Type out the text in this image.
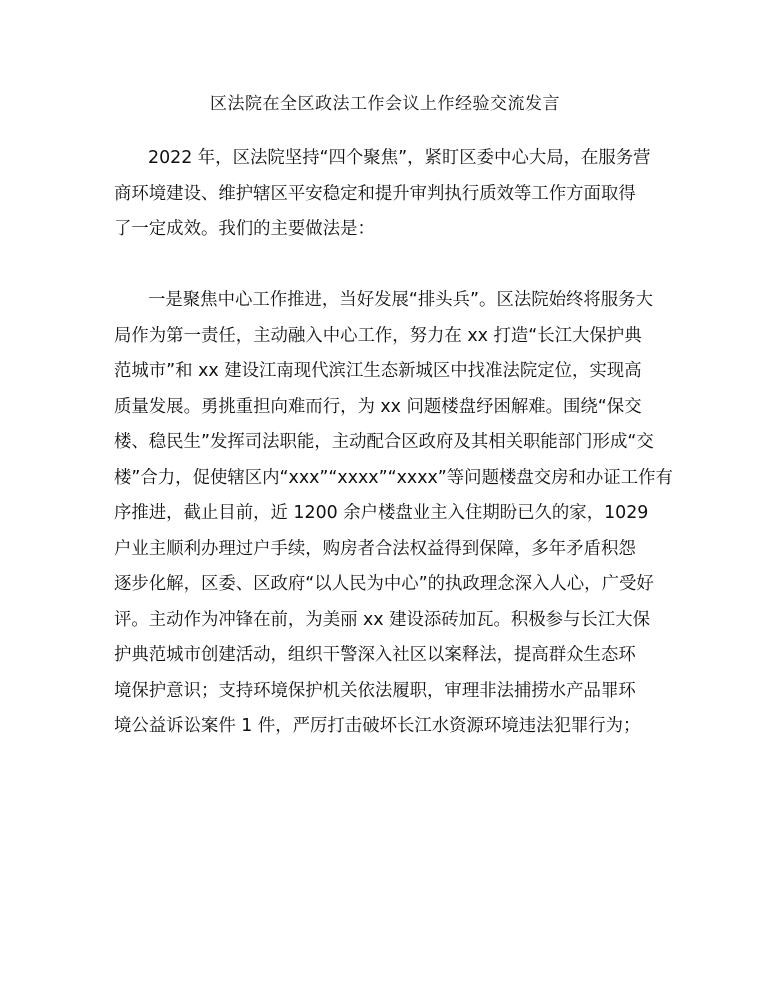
区法院在全区政法工作会议上作经验交流发言
2022 年，区法院坚持“四个聚焦”，紧盯区委中心大局，在服务营
商环境建设、维护辖区平安稳定和提升审判执行质效等工作方面取得
了一定成效。我们的主要做法是：
一是聚焦中心工作推进，当好发展“排头兵”。区法院始终将服务大
局作为第一责任，主动融入中心工作，努力在 xx 打造“长江大保护典
范城市”和 xx 建设江南现代滨江生态新城区中找准法院定位，实现高
质量发展。勇挑重担向难而行，为 xx 问题楼盘纾困解难。围绕“保交
楼、稳民生”发挥司法职能，主动配合区政府及其相关职能部门形成“交
楼”合力，促使辖区内“xxx”“xxxx”“xxxx”等问题楼盘交房和办证工作有
序推进，截止目前，近 1200 余户楼盘业主入住期盼已久的家，1029
户业主顺利办理过户手续，购房者合法权益得到保障，多年矛盾积怨
逐步化解，区委、区政府“以人民为中心”的执政理念深入人心，广受好
评。主动作为冲锋在前，为美丽 xx 建设添砖加瓦。积极参与长江大保
护典范城市创建活动，组织干警深入社区以案释法，提高群众生态环
境保护意识；支持环境保护机关依法履职，审理非法捕捞水产品罪环
境公益诉讼案件 1 件，严厉打击破坏长江水资源环境违法犯罪行为；
